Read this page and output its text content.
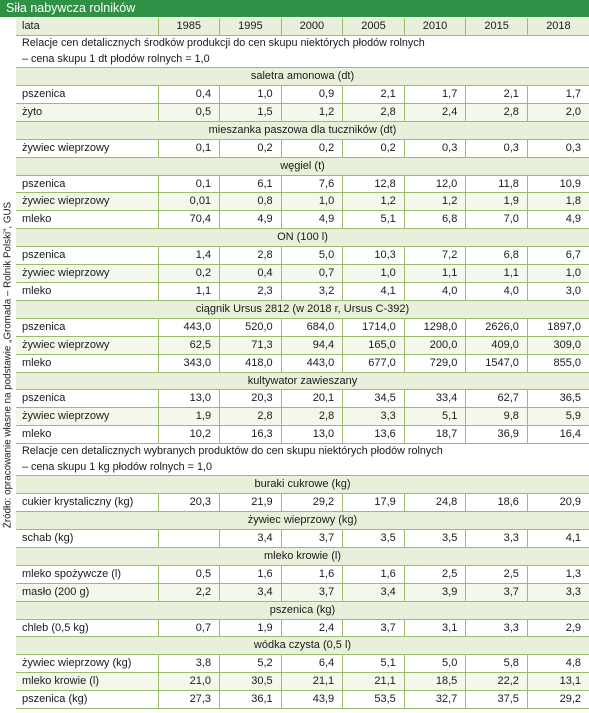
Siła nabywcza rolników
Źródło: opracowanie własne na podstawie „Gromada – Rolnik Polski”, GUS
lata	1985	1995	2000	2005	2010	2015	2018

Relacje cen detalicznych środków produkcji do cen skupu niektórych płodów rolnych
– cena skupu 1 dt płodów rolnych = 1,0							

saletra amonowa (dt)							
pszenica	0,4	1,0	0,9	2,1	1,7	2,1	1,7
żyto	0,5	1,5	1,2	2,8	2,4	2,8	2,0
mieszanka paszowa dla tuczników (dt)							
żywiec wieprzowy	0,1	0,2	0,2	0,2	0,3	0,3	0,3
węgiel (t)							
pszenica	0,1	6,1	7,6	12,8	12,0	11,8	10,9
żywiec wieprzowy	0,01	0,8	1,0	1,2	1,2	1,9	1,8
mleko	70,4	4,9	4,9	5,1	6,8	7,0	4,9
ON (100 l)							
pszenica	1,4	2,8	5,0	10,3	7,2	6,8	6,7
żywiec wieprzowy	0,2	0,4	0,7	1,0	1,1	1,1	1,0
mleko	1,1	2,3	3,2	4,1	4,0	4,0	3,0
ciągnik Ursus 2812 (w 2018 r, Ursus C-392)							
pszenica	443,0	520,0	684,0	1714,0	1298,0	2626,0	1897,0
żywiec wieprzowy	62,5	71,3	94,4	165,0	200,0	409,0	309,0
mleko	343,0	418,0	443,0	677,0	729,0	1547,0	855,0
kultywator zawieszany							
pszenica	13,0	20,3	20,1	34,5	33,4	62,7	36,5
żywiec wieprzowy	1,9	2,8	2,8	3,3	5,1	9,8	5,9
mleko	10,2	16,3	13,0	13,6	18,7	36,9	16,4

Relacje cen detalicznych wybranych produktów do cen skupu niektórych płodów rolnych
– cena skupu 1 kg płodów rolnych = 1,0							

buraki cukrowe (kg)							
cukier krystaliczny (kg)	20,3	21,9	29,2	17,9	24,8	18,6	20,9
żywiec wieprzowy (kg)							
schab (kg)		3,4	3,7	3,5	3,5	3,3	4,1
mleko krowie (l)							
mleko spożywcze (l)	0,5	1,6	1,6	1,6	2,5	2,5	1,3
masło (200 g)	2,2	3,4	3,7	3,4	3,9	3,7	3,3
pszenica (kg)							
chleb (0,5 kg)	0,7	1,9	2,4	3,7	3,1	3,3	2,9
wódka czysta (0,5 l)							
żywiec wieprzowy (kg)	3,8	5,2	6,4	5,1	5,0	5,8	4,8
mleko krowie (l)	21,0	30,5	21,1	21,1	18,5	22,2	13,1
pszenica (kg)	27,3	36,1	43,9	53,5	32,7	37,5	29,2
